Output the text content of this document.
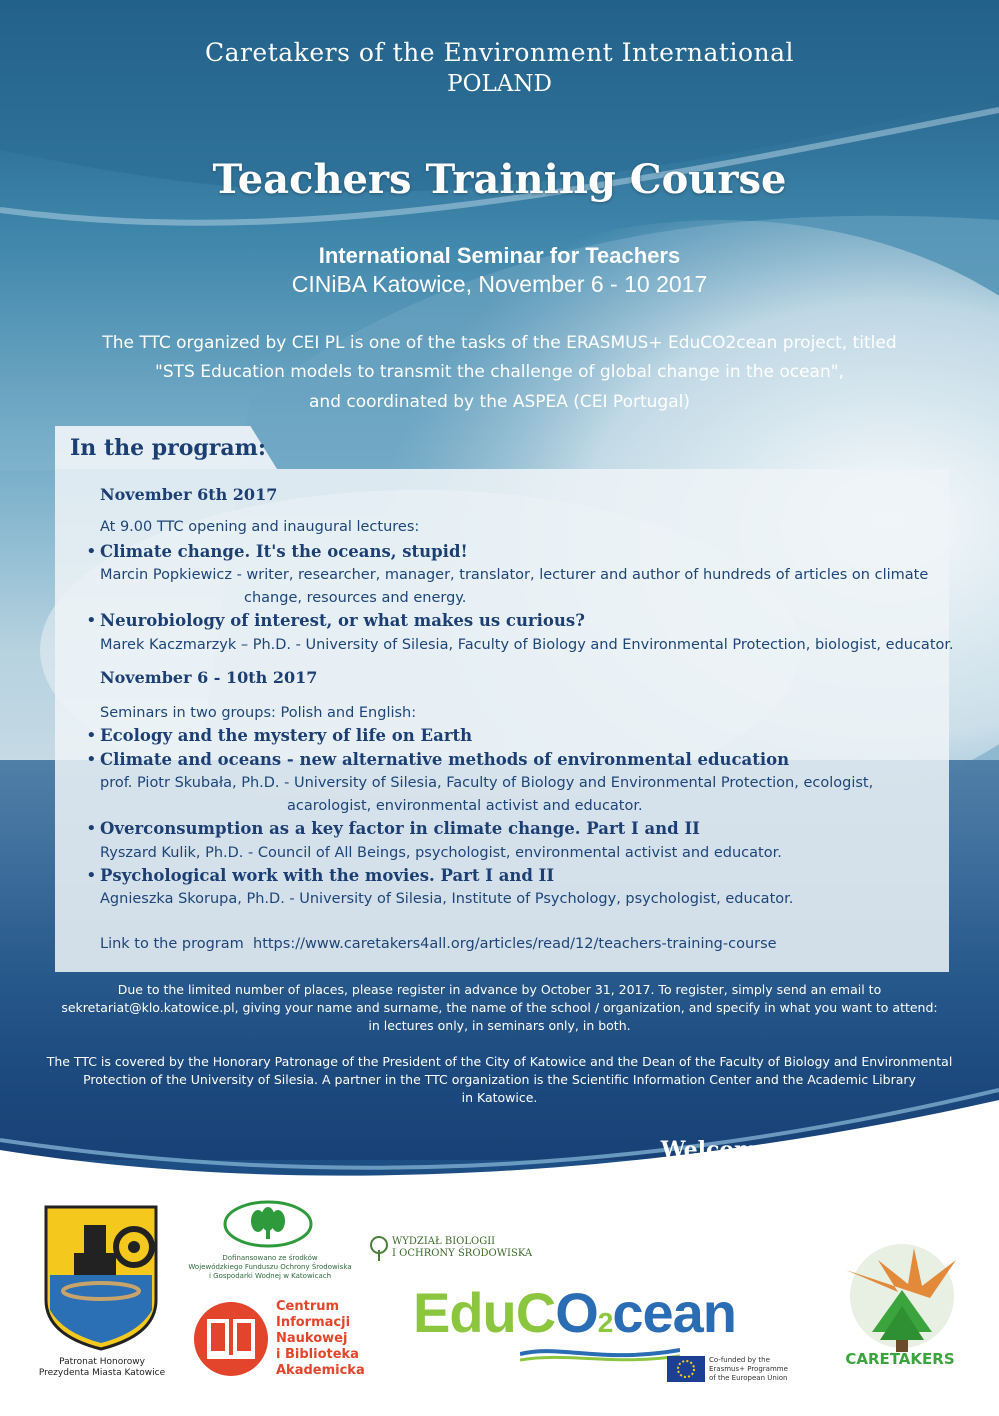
Caretakers of the Environment International
POLAND
Teachers Training Course
International Seminar for Teachers
CINiBA Katowice, November 6 - 10 2017
The TTC organized by CEI PL is one of the tasks of the ERASMUS+ EduCO2cean project, titled
"STS Education models to transmit the challenge of global change in the ocean",
and coordinated by the ASPEA (CEI Portugal)
In the program:
November 6th 2017
At 9.00 TTC opening and inaugural lectures:
• Climate change. It's the oceans, stupid!
Marcin Popkiewicz - writer, researcher, manager, translator, lecturer and author of hundreds of articles on climate
change, resources and energy.
• Neurobiology of interest, or what makes us curious?
Marek Kaczmarzyk – Ph.D. - University of Silesia, Faculty of Biology and Environmental Protection, biologist, educator.
November 6 - 10th 2017
Seminars in two groups: Polish and English:
• Ecology and the mystery of life on Earth
• Climate and oceans - new alternative methods of environmental education
prof. Piotr Skubała, Ph.D. - University of Silesia, Faculty of Biology and Environmental Protection, ecologist,
acarologist, environmental activist and educator.
• Overconsumption as a key factor in climate change. Part I and II
Ryszard Kulik, Ph.D. - Council of All Beings, psychologist, environmental activist and educator.
• Psychological work with the movies. Part I and II
Agnieszka Skorupa, Ph.D. - University of Silesia, Institute of Psychology, psychologist, educator.
Link to the program https://www.caretakers4all.org/articles/read/12/teachers-training-course
Due to the limited number of places, please register in advance by October 31, 2017. To register, simply send an email to
sekretariat@klo.katowice.pl, giving your name and surname, the name of the school / organization, and specify in what you want to attend:
in lectures only, in seminars only, in both.
The TTC is covered by the Honorary Patronage of the President of the City of Katowice and the Dean of the Faculty of Biology and Environmental
Protection of the University of Silesia. A partner in the TTC organization is the Scientific Information Center and the Academic Library
in Katowice.
Welcome
Free entrance
Patronat Honorowy
Prezydenta Miasta Katowice
Dofinansowano ze środków
Wojewódzkiego Funduszu Ochrony Środowiska
i Gospodarki Wodnej w Katowicach
WYDZIAŁ BIOLOGII
I OCHRONY ŚRODOWISKA
Centrum
Informacji
Naukowej
i Biblioteka
Akademicka
EduCO2cean
Co-funded by the
Erasmus+ Programme
of the European Union
CARETAKERS
